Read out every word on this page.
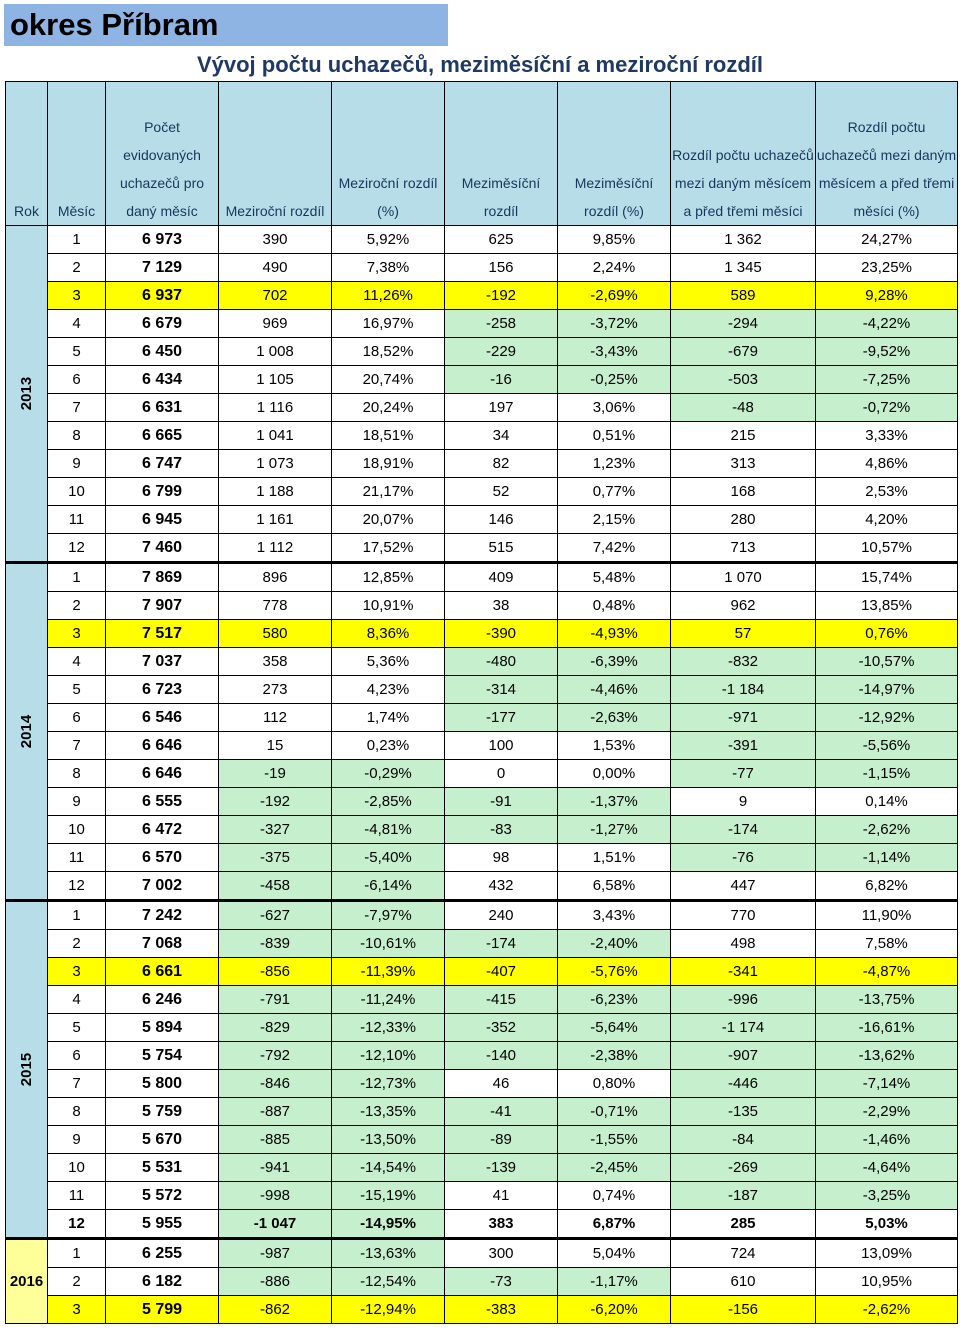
okres Příbram
Vývoj počtu uchazečů, meziměsíční a meziroční rozdíl
Rok	Měsíc	Počet evidovaných uchazečů pro daný měsíc	Meziroční rozdíl	Meziroční rozdíl (%)	Meziměsíční rozdíl	Meziměsíční rozdíl (%)	Rozdíl počtu uchazečů mezi daným měsícem a před třemi měsíci	Rozdíl počtu uchazečů mezi daným měsícem a před třemi měsíci (%)
2013	1	6 973	390	5,92%	625	9,85%	1 362	24,27%
	2	7 129	490	7,38%	156	2,24%	1 345	23,25%
	3	6 937	702	11,26%	-192	-2,69%	589	9,28%
	4	6 679	969	16,97%	-258	-3,72%	-294	-4,22%
	5	6 450	1 008	18,52%	-229	-3,43%	-679	-9,52%
	6	6 434	1 105	20,74%	-16	-0,25%	-503	-7,25%
	7	6 631	1 116	20,24%	197	3,06%	-48	-0,72%
	8	6 665	1 041	18,51%	34	0,51%	215	3,33%
	9	6 747	1 073	18,91%	82	1,23%	313	4,86%
	10	6 799	1 188	21,17%	52	0,77%	168	2,53%
	11	6 945	1 161	20,07%	146	2,15%	280	4,20%
	12	7 460	1 112	17,52%	515	7,42%	713	10,57%
2014	1	7 869	896	12,85%	409	5,48%	1 070	15,74%
	2	7 907	778	10,91%	38	0,48%	962	13,85%
	3	7 517	580	8,36%	-390	-4,93%	57	0,76%
	4	7 037	358	5,36%	-480	-6,39%	-832	-10,57%
	5	6 723	273	4,23%	-314	-4,46%	-1 184	-14,97%
	6	6 546	112	1,74%	-177	-2,63%	-971	-12,92%
	7	6 646	15	0,23%	100	1,53%	-391	-5,56%
	8	6 646	-19	-0,29%	0	0,00%	-77	-1,15%
	9	6 555	-192	-2,85%	-91	-1,37%	9	0,14%
	10	6 472	-327	-4,81%	-83	-1,27%	-174	-2,62%
	11	6 570	-375	-5,40%	98	1,51%	-76	-1,14%
	12	7 002	-458	-6,14%	432	6,58%	447	6,82%
2015	1	7 242	-627	-7,97%	240	3,43%	770	11,90%
	2	7 068	-839	-10,61%	-174	-2,40%	498	7,58%
	3	6 661	-856	-11,39%	-407	-5,76%	-341	-4,87%
	4	6 246	-791	-11,24%	-415	-6,23%	-996	-13,75%
	5	5 894	-829	-12,33%	-352	-5,64%	-1 174	-16,61%
	6	5 754	-792	-12,10%	-140	-2,38%	-907	-13,62%
	7	5 800	-846	-12,73%	46	0,80%	-446	-7,14%
	8	5 759	-887	-13,35%	-41	-0,71%	-135	-2,29%
	9	5 670	-885	-13,50%	-89	-1,55%	-84	-1,46%
	10	5 531	-941	-14,54%	-139	-2,45%	-269	-4,64%
	11	5 572	-998	-15,19%	41	0,74%	-187	-3,25%
	12	5 955	-1 047	-14,95%	383	6,87%	285	5,03%
2016	1	6 255	-987	-13,63%	300	5,04%	724	13,09%
	2	6 182	-886	-12,54%	-73	-1,17%	610	10,95%
	3	5 799	-862	-12,94%	-383	-6,20%	-156	-2,62%
